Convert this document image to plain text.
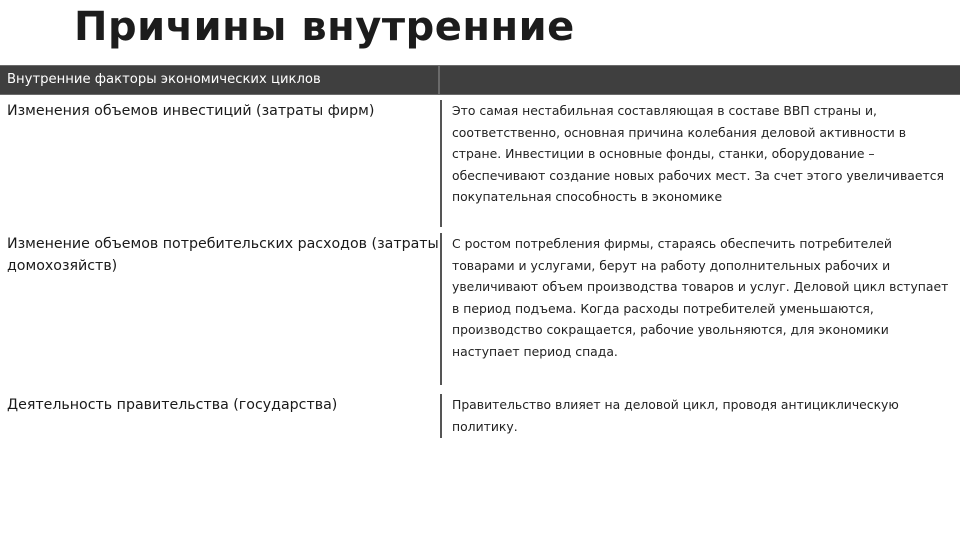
Причины внутренние
Внутренние факторы экономических циклов
Изменения объемов инвестиций (затраты фирм)	Это самая нестабильная составляющая в составе ВВП страны и, соответственно, основная причина колебания деловой активности в стране. Инвестиции в основные фонды, станки, оборудование – обеспечивают создание новых рабочих мест. За счет этого увеличивается покупательная способность в экономике
Изменение объемов потребительских расходов (затраты домохозяйств)
С ростом потребления фирмы, стараясь обеспечить потребителей товарами и услугами, берут на работу дополнительных рабочих и увеличивают объем производства товаров и услуг. Деловой цикл вступает в период подъема. Когда расходы потребителей уменьшаются, производство сокращается, рабочие увольняются, для экономики наступает период спада.
Деятельность правительства (государства)	Правительство влияет на деловой цикл, проводя антициклическую политику.
